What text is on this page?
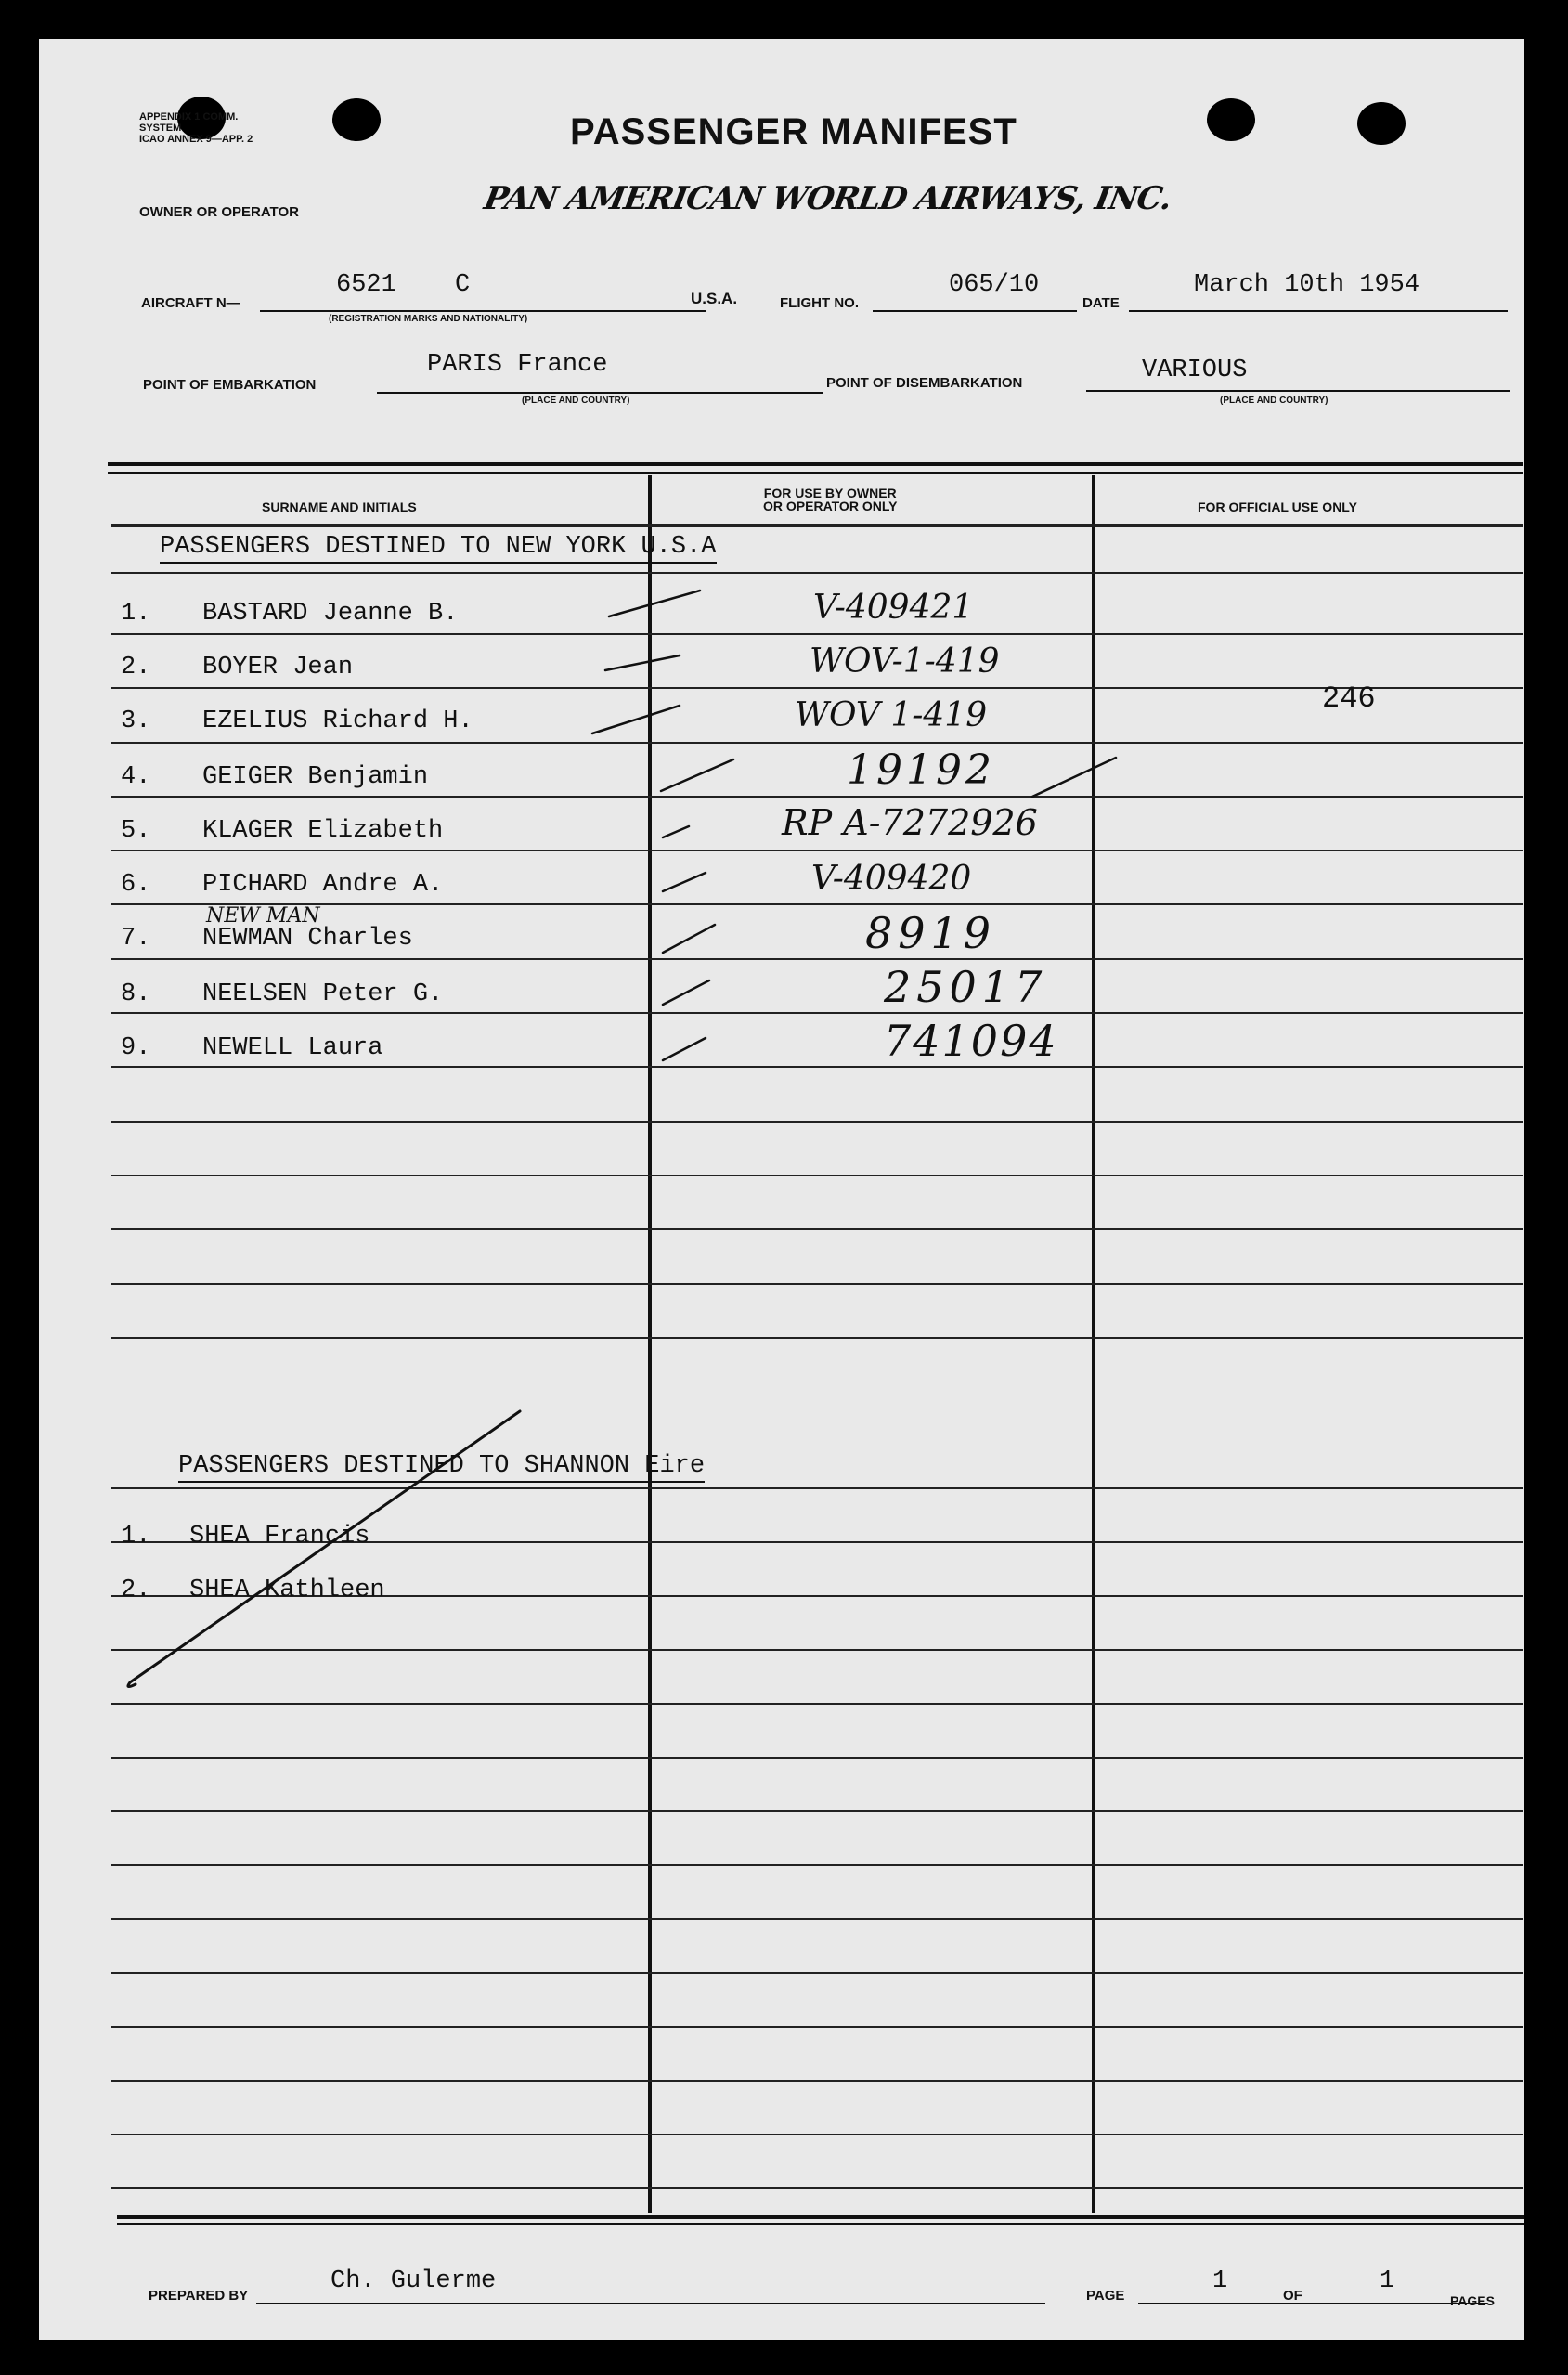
APPENDIX 1 COMM.
SYSTEM
ICAO ANNEX 9—APP. 2	PASSENGER MANIFEST
OWNER OR OPERATOR	PAN AMERICAN WORLD AIRWAYS, INC.
AIRCRAFT N—
6521 C
(REGISTRATION MARKS AND NATIONALITY)
U.S.A.	FLIGHT NO.
065/10
DATE
March 10th 1954
POINT OF EMBARKATION
PARIS France
(PLACE AND COUNTRY)
POINT OF DISEMBARKATION	VARIOUS
(PLACE AND COUNTRY)
SURNAME AND INITIALS
FOR USE BY OWNER
OR OPERATOR ONLY	FOR OFFICIAL USE ONLY
PASSENGERS DESTINED TO NEW YORK U.S.A
1. BASTARD Jeanne B.	V-409421
2. BOYER Jean	WOV-1-419
3. EZELIUS Richard H.	WOV 1-419
4. GEIGER Benjamin	19192
5. KLAGER Elizabeth	RP A-7272926
6. PICHARD Andre A.	V-409420
NEW MAN
7. NEWMAN Charles	8919
8. NEELSEN Peter G.	25017
9. NEWELL Laura	741094
246
PASSENGERS DESTINED TO SHANNON Eire
1. SHEA Francis
2. SHEA Kathleen
PREPARED BY
Ch. Gulerme
PAGE
1
OF
1
PAGES
